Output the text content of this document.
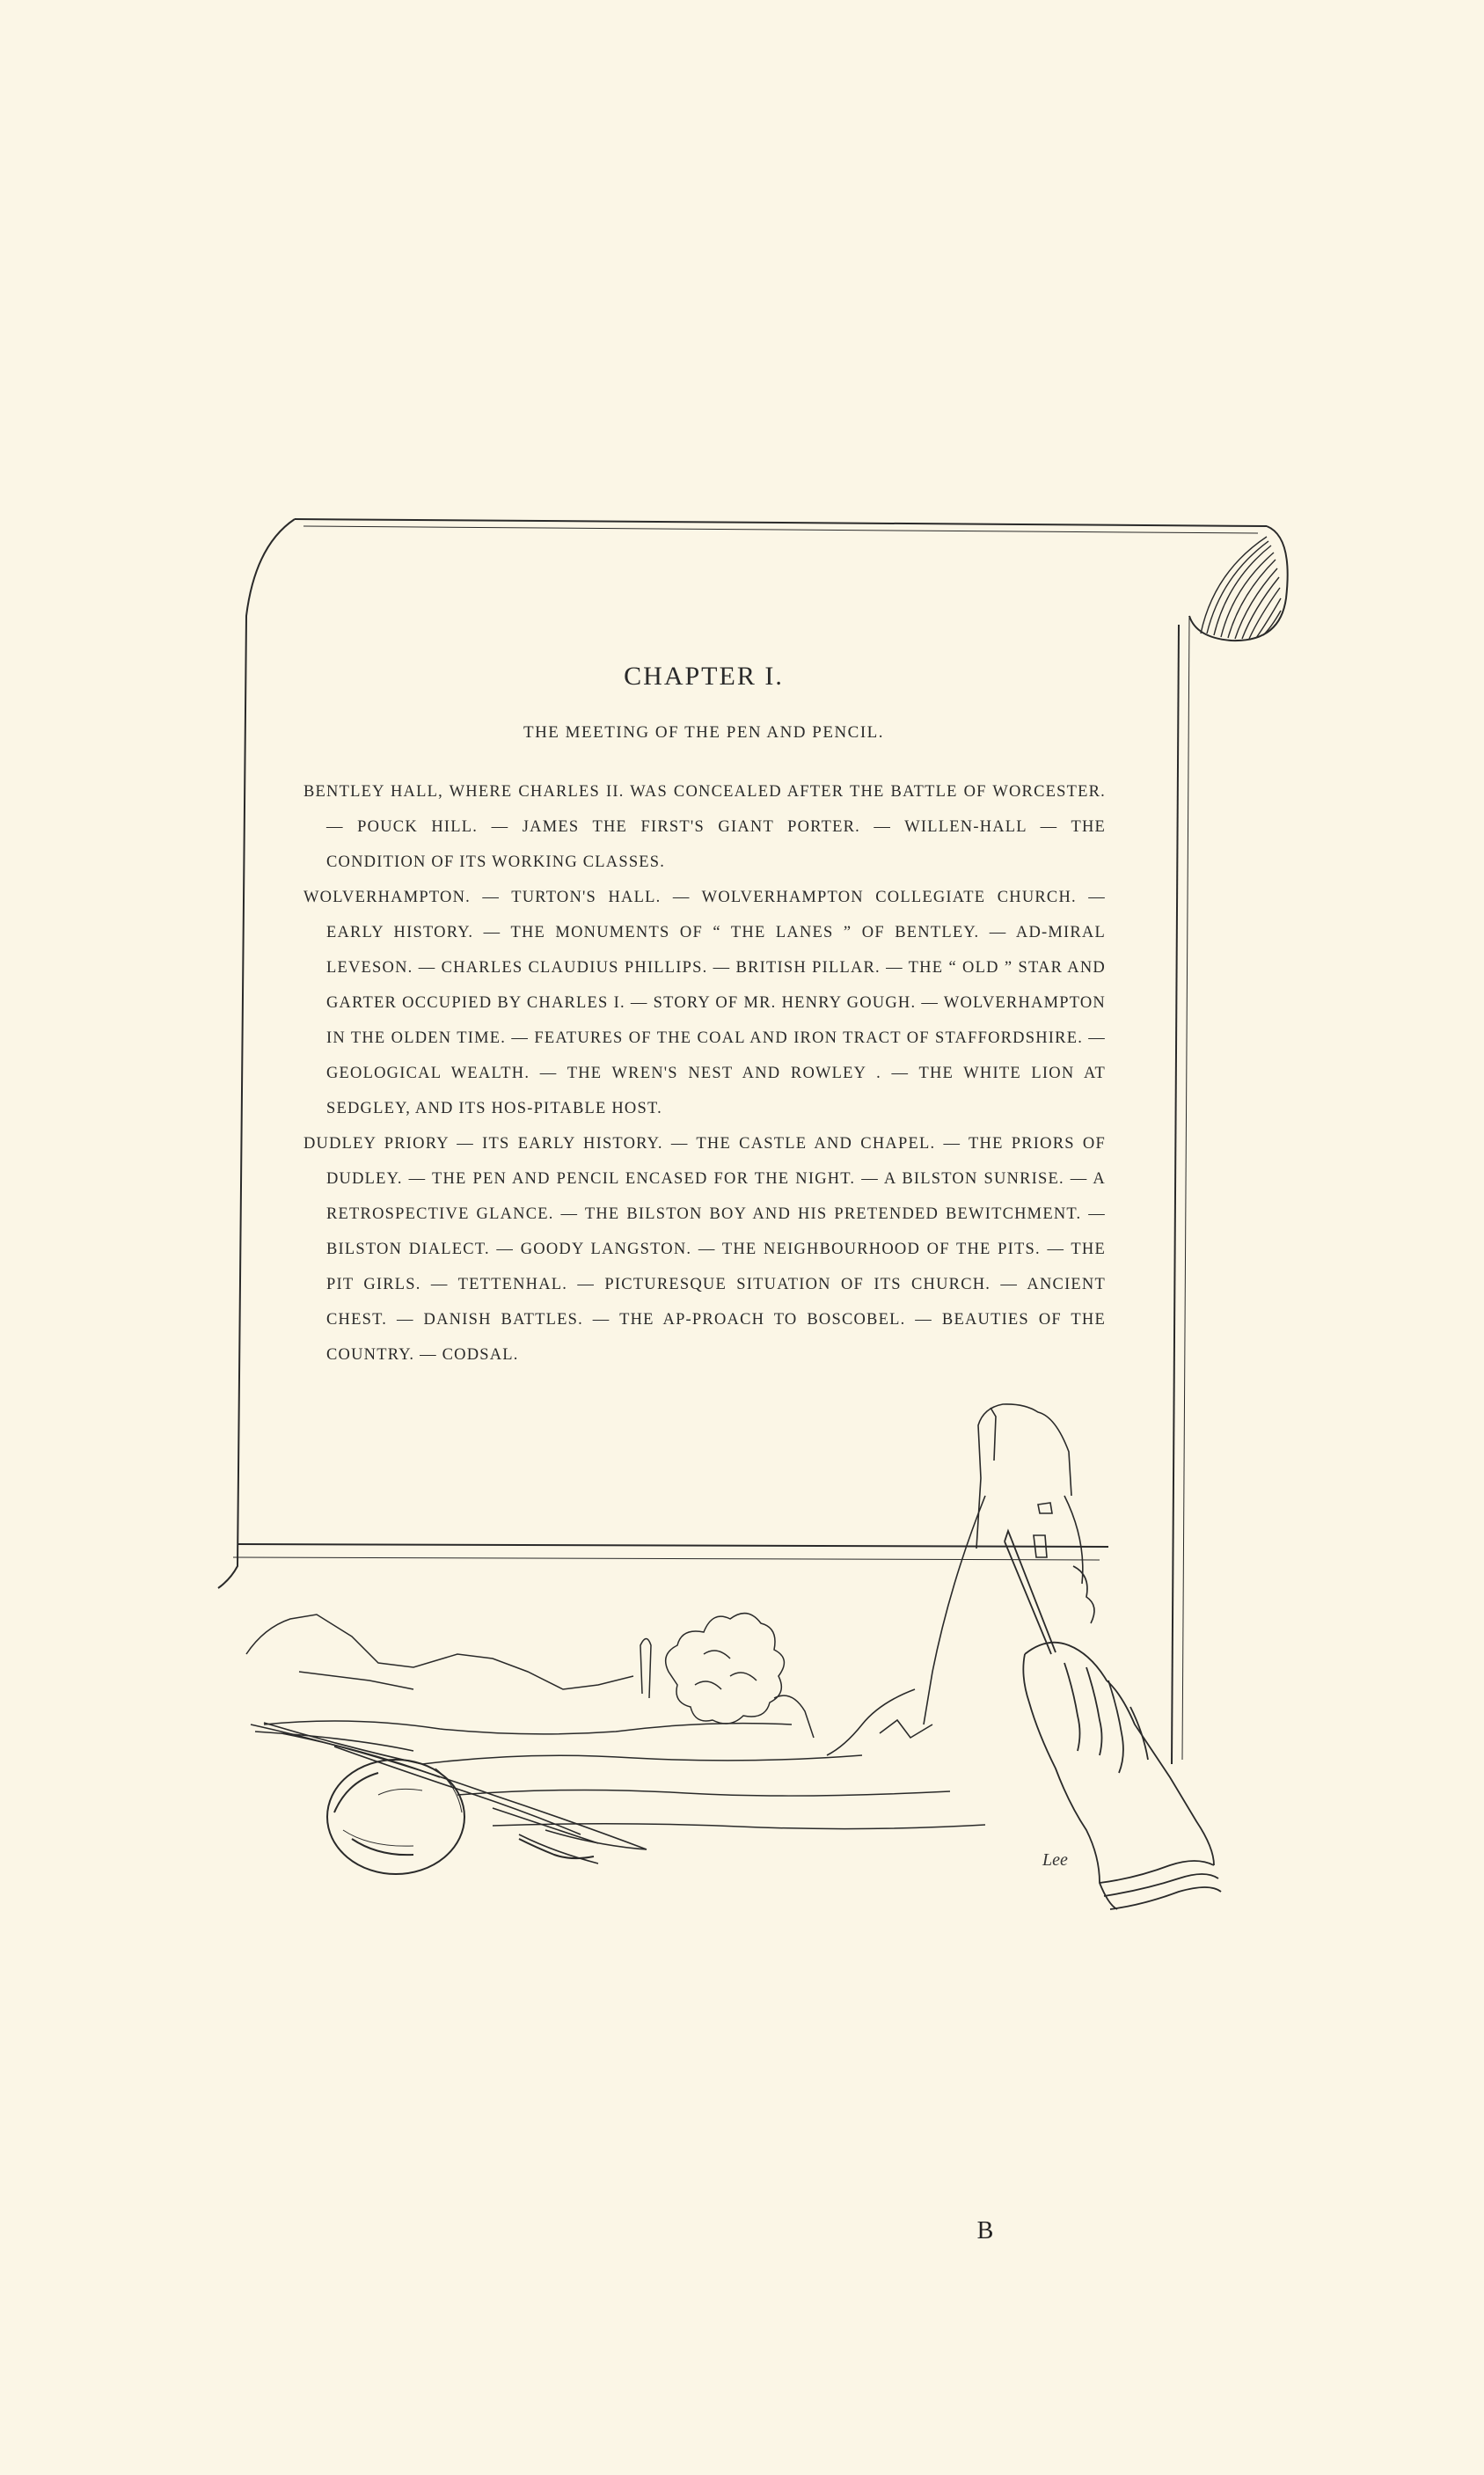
CHAPTER I.
THE MEETING OF THE PEN AND PENCIL.

BENTLEY HALL, WHERE CHARLES II. WAS CONCEALED AFTER THE BATTLE OF WORCESTER. — POUCK HILL. — JAMES THE FIRST'S GIANT PORTER. — WILLEN-HALL — THE CONDITION OF ITS WORKING CLASSES.

WOLVERHAMPTON. — TURTON'S HALL. — WOLVERHAMPTON COLLEGIATE CHURCH. — EARLY HISTORY. — THE MONUMENTS OF “ THE LANES ” OF BENTLEY. — AD-MIRAL LEVESON. — CHARLES CLAUDIUS PHILLIPS. — BRITISH PILLAR. — THE “ OLD ” STAR AND GARTER OCCUPIED BY CHARLES I. — STORY OF MR. HENRY GOUGH. — WOLVERHAMPTON IN THE OLDEN TIME. — FEATURES OF THE COAL AND IRON TRACT OF STAFFORDSHIRE. — GEOLOGICAL WEALTH. — THE WREN'S NEST AND ROWLEY . — THE WHITE LION AT SEDGLEY, AND ITS HOS-PITABLE HOST.

DUDLEY PRIORY — ITS EARLY HISTORY. — THE CASTLE AND CHAPEL. — THE PRIORS OF DUDLEY. — THE PEN AND PENCIL ENCASED FOR THE NIGHT. — A BILSTON SUNRISE. — A RETROSPECTIVE GLANCE. — THE BILSTON BOY AND HIS PRETENDED BEWITCHMENT. — BILSTON DIALECT. — GOODY LANGSTON. — THE NEIGHBOURHOOD OF THE PITS. — THE PIT GIRLS. — TETTENHAL. — PICTURESQUE SITUATION OF ITS CHURCH. — ANCIENT CHEST. — DANISH BATTLES. — THE AP-PROACH TO BOSCOBEL. — BEAUTIES OF THE COUNTRY. — CODSAL.

Lee
B
